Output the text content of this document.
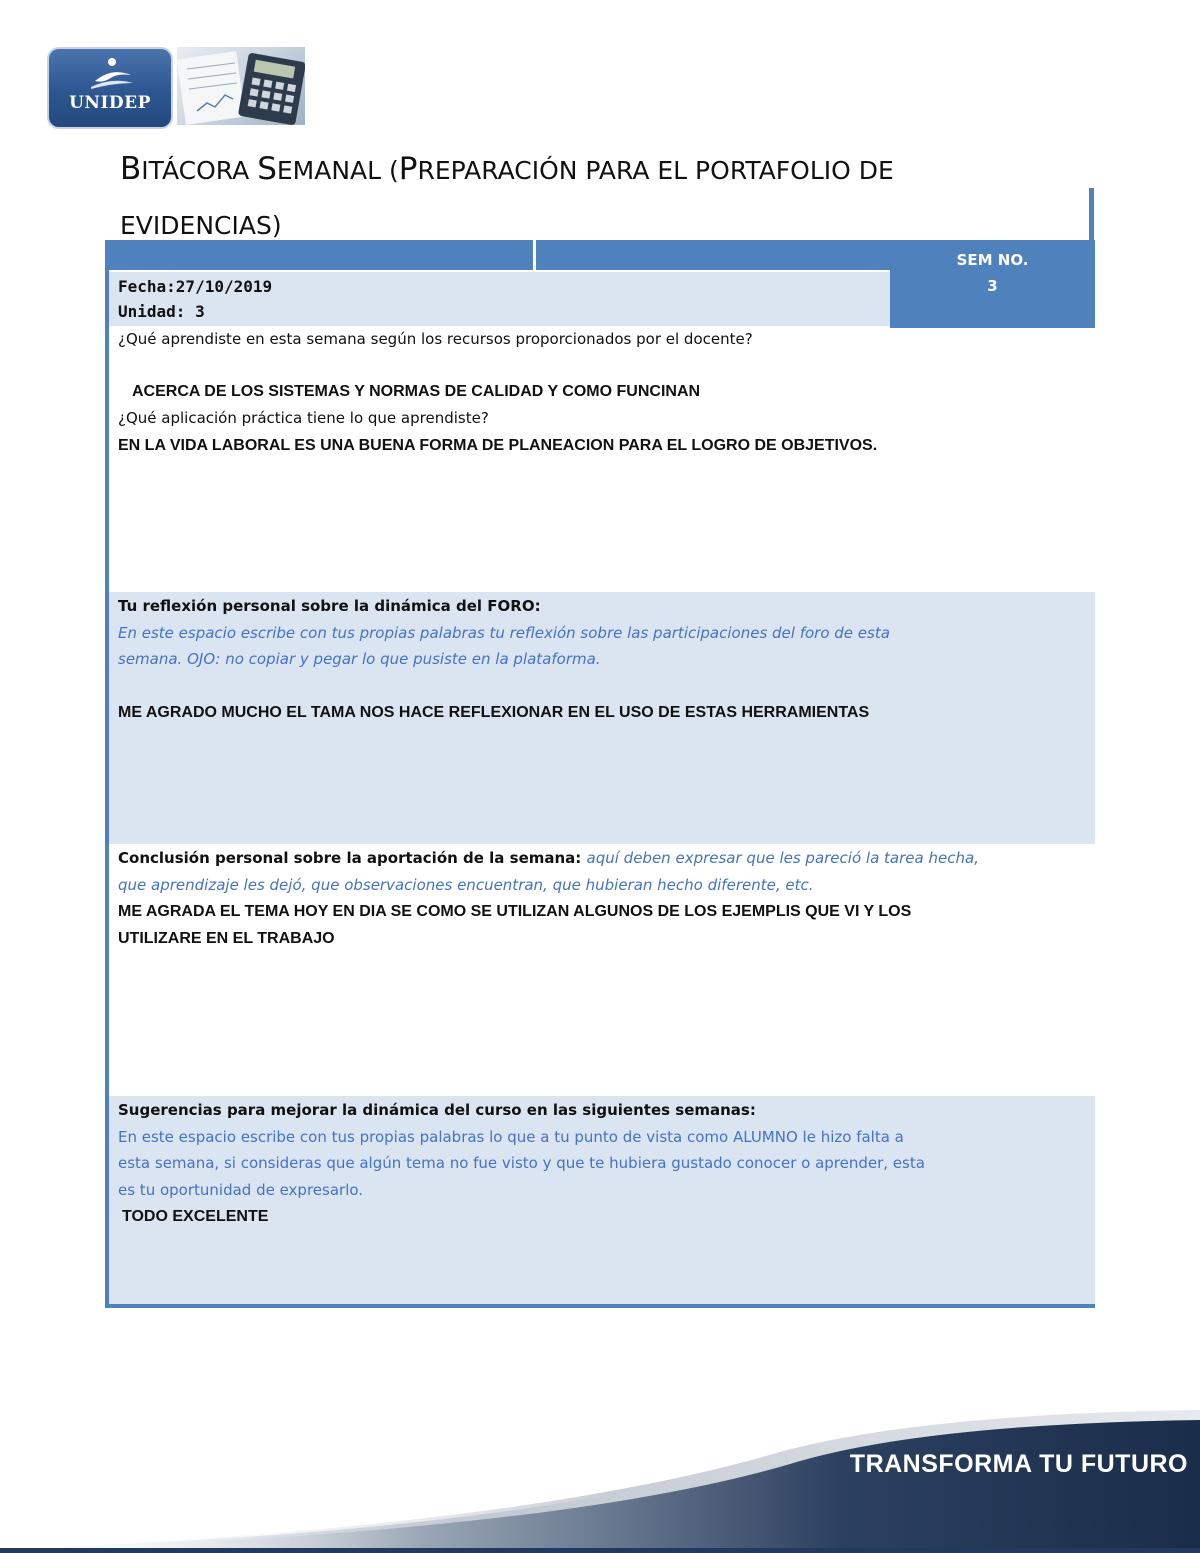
UNIDEP
BITÁCORA SEMANAL (PREPARACIÓN PARA EL PORTAFOLIO DE
EVIDENCIAS)
SEM NO.
3
Fecha:27/10/2019
Unidad: 3
¿Qué aprendiste en esta semana según los recursos proporcionados por el docente?
ACERCA DE LOS SISTEMAS Y NORMAS DE CALIDAD Y COMO FUNCINAN
¿Qué aplicación práctica tiene lo que aprendiste?
EN LA VIDA LABORAL ES UNA BUENA FORMA DE PLANEACION PARA EL LOGRO DE OBJETIVOS.
Tu reflexión personal sobre la dinámica del FORO:
En este espacio escribe con tus propias palabras tu reflexión sobre las participaciones del foro de esta
semana. OJO: no copiar y pegar lo que pusiste en la plataforma.
ME AGRADO MUCHO EL TAMA NOS HACE REFLEXIONAR EN EL USO DE ESTAS HERRAMIENTAS
Conclusión personal sobre la aportación de la semana: aquí deben expresar que les pareció la tarea hecha,
que aprendizaje les dejó, que observaciones encuentran, que hubieran hecho diferente, etc.
ME AGRADA EL TEMA HOY EN DIA SE COMO SE UTILIZAN ALGUNOS DE LOS EJEMPLIS QUE VI Y LOS
UTILIZARE EN EL TRABAJO
Sugerencias para mejorar la dinámica del curso en las siguientes semanas:
En este espacio escribe con tus propias palabras lo que a tu punto de vista como ALUMNO le hizo falta a
esta semana, si consideras que algún tema no fue visto y que te hubiera gustado conocer o aprender, esta
es tu oportunidad de expresarlo.
TODO EXCELENTE
TRANSFORMA TU FUTURO
